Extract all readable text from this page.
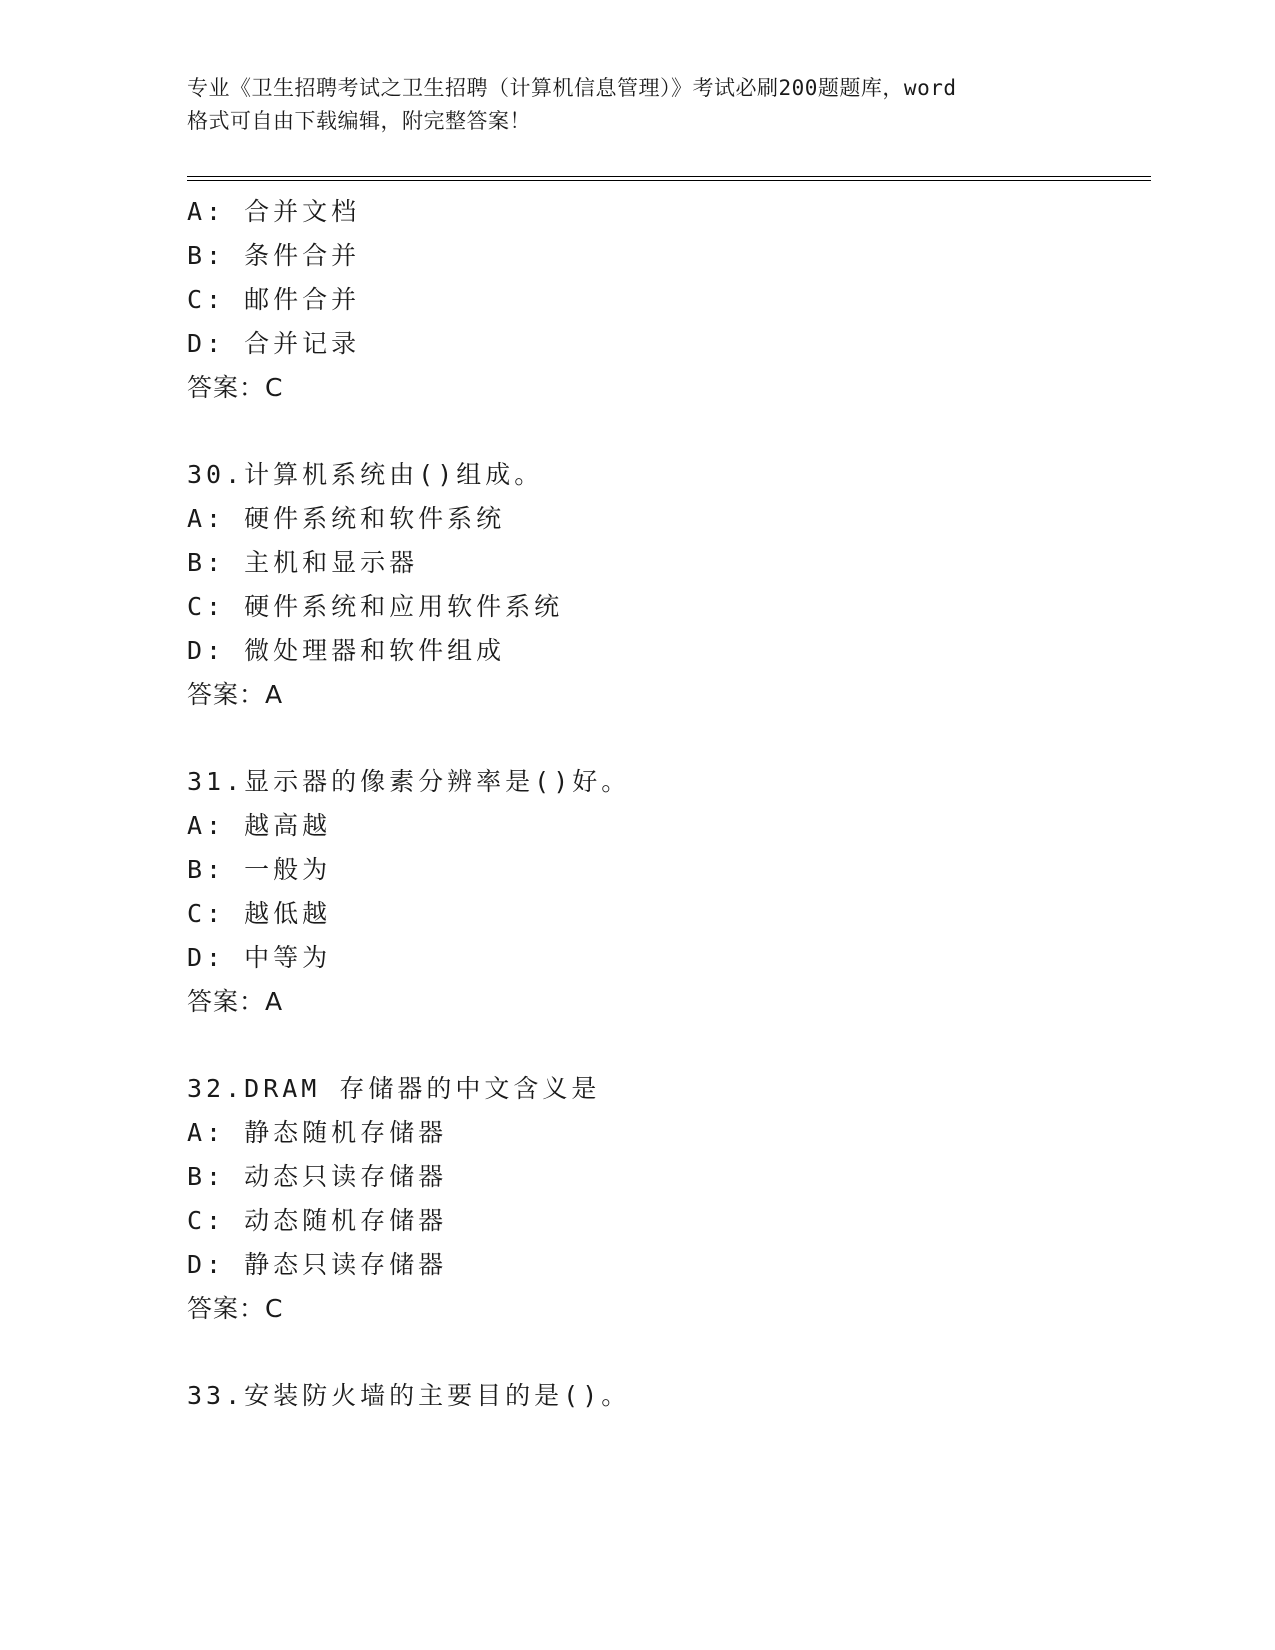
专业《卫生招聘考试之卫生招聘（计算机信息管理）》考试必刷200题题库，word
格式可自由下载编辑，附完整答案！
A: 合并文档
B: 条件合并
C: 邮件合并
D: 合并记录
答案：C
30.计算机系统由()组成。
A: 硬件系统和软件系统
B: 主机和显示器
C: 硬件系统和应用软件系统
D: 微处理器和软件组成
答案：A
31.显示器的像素分辨率是()好。
A: 越高越
B: 一般为
C: 越低越
D: 中等为
答案：A
32.DRAM 存储器的中文含义是
A: 静态随机存储器
B: 动态只读存储器
C: 动态随机存储器
D: 静态只读存储器
答案：C
33.安装防火墙的主要目的是()。
